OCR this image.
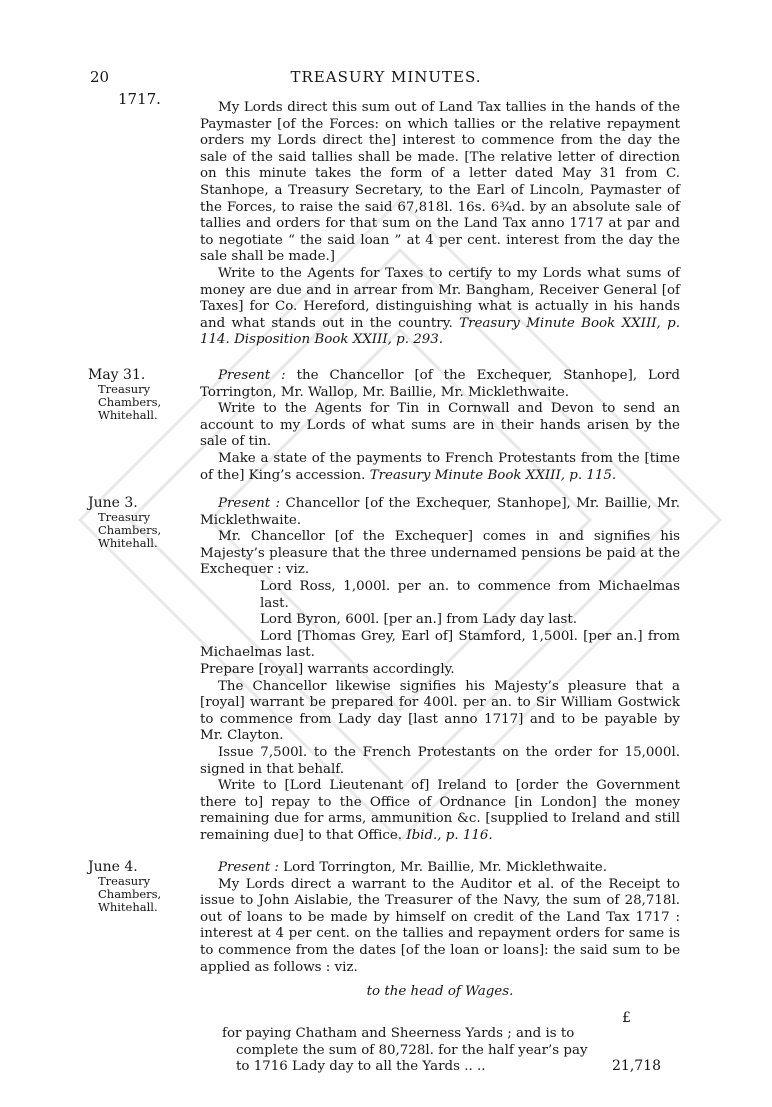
20	TREASURY MINUTES.
1717.	My Lords direct this sum out of Land Tax tallies in the hands of the Paymaster [of the Forces: on which tallies or the relative repayment orders my Lords direct the] interest to commence from the day the sale of the said tallies shall be made. [The relative letter of direction on this minute takes the form of a letter dated May 31 from C. Stanhope, a Treasury Secretary, to the Earl of Lincoln, Paymaster of the Forces, to raise the said 67,818l. 16s. 6¾d. by an absolute sale of tallies and orders for that sum on the Land Tax anno 1717 at par and to negotiate “ the said loan ” at 4 per cent. interest from the day the sale shall be made.]

Write to the Agents for Taxes to certify to my Lords what sums of money are due and in arrear from Mr. Bangham, Receiver General [of Taxes] for Co. Hereford, distinguishing what is actually in his hands and what stands out in the country. Treasury Minute Book XXIII, p. 114. Disposition Book XXIII, p. 293.

May 31.
Treasury Chambers, Whitehall.

Present : the Chancellor [of the Exchequer, Stanhope], Lord Torrington, Mr. Wallop, Mr. Baillie, Mr. Micklethwaite.

Write to the Agents for Tin in Cornwall and Devon to send an account to my Lords of what sums are in their hands arisen by the sale of tin.

Make a state of the payments to French Protestants from the [time of the] King’s accession. Treasury Minute Book XXIII, p. 115.

June 3.
Treasury Chambers, Whitehall.

Present : Chancellor [of the Exchequer, Stanhope], Mr. Baillie, Mr. Micklethwaite.

Mr. Chancellor [of the Exchequer] comes in and signifies his Majesty’s pleasure that the three undernamed pensions be paid at the Exchequer : viz.

Lord Ross, 1,000l. per an. to commence from Michaelmas last.

Lord Byron, 600l. [per an.] from Lady day last.

Lord [Thomas Grey, Earl of] Stamford, 1,500l. [per an.] from Michaelmas last.

Prepare [royal] warrants accordingly.

The Chancellor likewise signifies his Majesty’s pleasure that a [royal] warrant be prepared for 400l. per an. to Sir William Gostwick to commence from Lady day [last anno 1717] and to be payable by Mr. Clayton.

Issue 7,500l. to the French Protestants on the order for 15,000l. signed in that behalf.

Write to [Lord Lieutenant of] Ireland to [order the Government there to] repay to the Office of Ordnance [in London] the money remaining due for arms, ammunition &c. [supplied to Ireland and still remaining due] to that Office. Ibid., p. 116.

June 4.
Treasury Chambers, Whitehall.

Present : Lord Torrington, Mr. Baillie, Mr. Micklethwaite.

My Lords direct a warrant to the Auditor et al. of the Receipt to issue to John Aislabie, the Treasurer of the Navy, the sum of 28,718l. out of loans to be made by himself on credit of the Land Tax 1717 : interest at 4 per cent. on the tallies and repayment orders for same is to commence from the dates [of the loan or loans]: the said sum to be applied as follows : viz.

to the head of Wages.

£

for paying Chatham and Sheerness Yards ; and is to complete the sum of 80,728l. for the half year’s pay to 1716 Lady day to all the Yards .. ..	21,718
